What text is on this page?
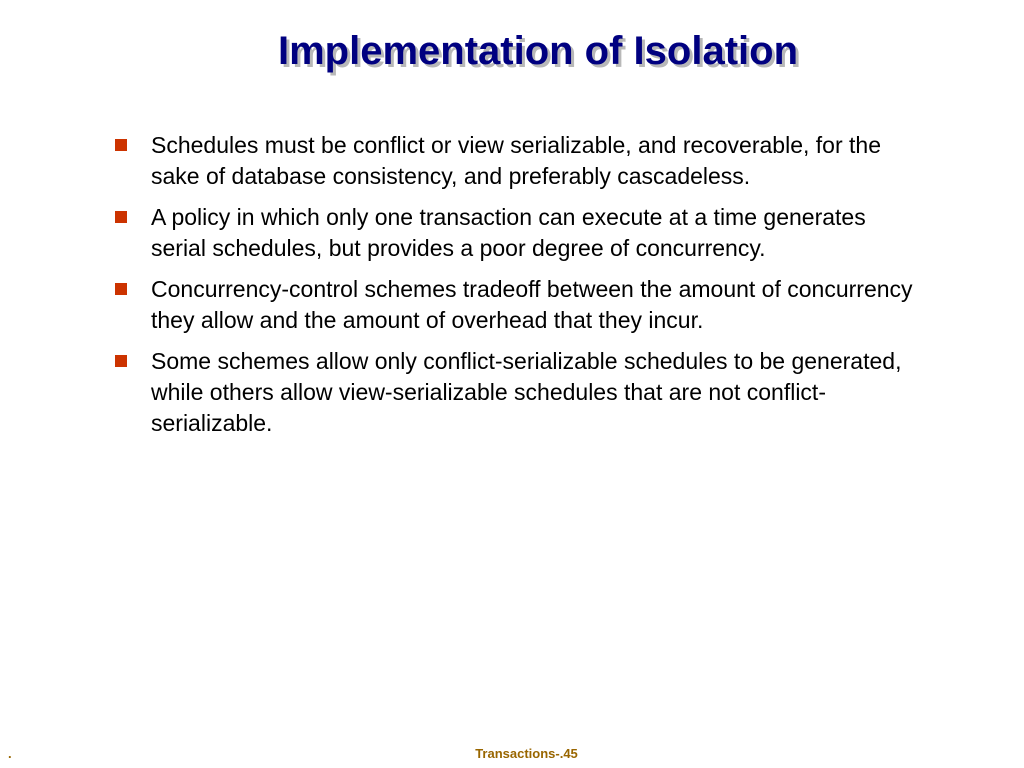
Implementation of Isolation
Schedules must be conflict or view serializable, and recoverable, for the sake of database consistency, and preferably cascadeless.
A policy in which only one transaction can execute at a time generates serial schedules, but provides a poor degree of concurrency.
Concurrency-control schemes tradeoff between the amount of concurrency they allow and the amount of overhead that they incur.
Some schemes allow only conflict-serializable schedules to be generated, while others allow view-serializable schedules that are not conflict-serializable.
.	Transactions-.45
